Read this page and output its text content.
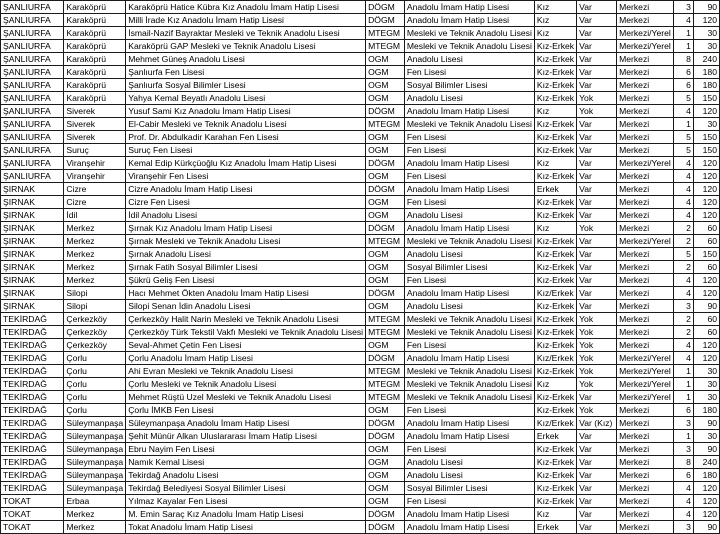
ŞANLIURFA	Karaköprü	Karaköprü Hatice Kübra Kız Anadolu İmam Hatip Lisesi	DÖGM	Anadolu İmam Hatip Lisesi	Kız	Var	Merkezi	3	90
ŞANLIURFA	Karaköprü	Milli İrade Kız Anadolu İmam Hatip Lisesi	DÖGM	Anadolu İmam Hatip Lisesi	Kız	Var	Merkezi	4	120
ŞANLIURFA	Karaköprü	İsmail-Nazif Bayraktar Mesleki ve Teknik Anadolu Lisesi	MTEGM	Mesleki ve Teknik Anadolu Lisesi	Kız	Var	Merkezi/Yerel	1	30
ŞANLIURFA	Karaköprü	Karaköprü GAP Mesleki ve Teknik Anadolu Lisesi	MTEGM	Mesleki ve Teknik Anadolu Lisesi	Kız-Erkek	Var	Merkezi/Yerel	1	30
ŞANLIURFA	Karaköprü	Mehmet Güneş Anadolu Lisesi	OGM	Anadolu Lisesi	Kız-Erkek	Var	Merkezi	8	240
ŞANLIURFA	Karaköprü	Şanlıurfa Fen Lisesi	OGM	Fen Lisesi	Kız-Erkek	Var	Merkezi	6	180
ŞANLIURFA	Karaköprü	Şanlıurfa Sosyal Bilimler Lisesi	OGM	Sosyal Bilimler Lisesi	Kız-Erkek	Var	Merkezi	6	180
ŞANLIURFA	Karaköprü	Yahya Kemal Beyatlı Anadolu Lisesi	OGM	Anadolu Lisesi	Kız-Erkek	Yok	Merkezi	5	150
ŞANLIURFA	Siverek	Yusuf Sami Kız Anadolu İmam Hatip Lisesi	DÖGM	Anadolu İmam Hatip Lisesi	Kız	Yok	Merkezi	4	120
ŞANLIURFA	Siverek	El-Cabir Mesleki ve Teknik Anadolu Lisesi	MTEGM	Mesleki ve Teknik Anadolu Lisesi	Kız-Erkek	Var	Merkezi	1	30
ŞANLIURFA	Siverek	Prof. Dr. Abdulkadir Karahan Fen Lisesi	OGM	Fen Lisesi	Kız-Erkek	Var	Merkezi	5	150
ŞANLIURFA	Suruç	Suruç Fen Lisesi	OGM	Fen Lisesi	Kız-Erkek	Var	Merkezi	5	150
ŞANLIURFA	Viranşehir	Kemal Edip Kürkçüoğlu Kız Anadolu İmam Hatip Lisesi	DÖGM	Anadolu İmam Hatip Lisesi	Kız	Var	Merkezi/Yerel	4	120
ŞANLIURFA	Viranşehir	Viranşehir Fen Lisesi	OGM	Fen Lisesi	Kız-Erkek	Var	Merkezi	4	120
ŞIRNAK	Cizre	Cizre Anadolu İmam Hatip Lisesi	DÖGM	Anadolu İmam Hatip Lisesi	Erkek	Var	Merkezi	4	120
ŞIRNAK	Cizre	Cizre Fen Lisesi	OGM	Fen Lisesi	Kız-Erkek	Var	Merkezi	4	120
ŞIRNAK	İdil	İdil Anadolu Lisesi	OGM	Anadolu Lisesi	Kız-Erkek	Var	Merkezi	4	120
ŞIRNAK	Merkez	Şırnak Kız Anadolu İmam Hatip Lisesi	DÖGM	Anadolu İmam Hatip Lisesi	Kız	Yok	Merkezi	2	60
ŞIRNAK	Merkez	Şırnak Mesleki ve Teknik Anadolu Lisesi	MTEGM	Mesleki ve Teknik Anadolu Lisesi	Kız-Erkek	Var	Merkezi/Yerel	2	60
ŞIRNAK	Merkez	Şırnak Anadolu Lisesi	OGM	Anadolu Lisesi	Kız-Erkek	Var	Merkezi	5	150
ŞIRNAK	Merkez	Şırnak Fatih Sosyal Bilimler Lisesi	OGM	Sosyal Bilimler Lisesi	Kız-Erkek	Var	Merkezi	2	60
ŞIRNAK	Merkez	Şükrü Geliş Fen Lisesi	OGM	Fen Lisesi	Kız-Erkek	Var	Merkezi	4	120
ŞIRNAK	Silopi	Hacı Mehmet Ökten Anadolu İmam Hatip Lisesi	DÖGM	Anadolu İmam Hatip Lisesi	Kız/Erkek	Var	Merkezi	4	120
ŞIRNAK	Silopi	Silopi Senan İdin Anadolu Lisesi	OGM	Anadolu Lisesi	Kız-Erkek	Var	Merkezi	3	90
TEKİRDAĞ	Çerkezköy	Çerkezköy Halit Narin Mesleki ve Teknik Anadolu Lisesi	MTEGM	Mesleki ve Teknik Anadolu Lisesi	Kız-Erkek	Yok	Merkezi	2	60
TEKİRDAĞ	Çerkezköy	Çerkezköy Türk Tekstil Vakfı Mesleki ve Teknik Anadolu Lisesi	MTEGM	Mesleki ve Teknik Anadolu Lisesi	Kız-Erkek	Yok	Merkezi	2	60
TEKİRDAĞ	Çerkezköy	Seval-Ahmet Çetin Fen Lisesi	OGM	Fen Lisesi	Kız-Erkek	Yok	Merkezi	4	120
TEKİRDAĞ	Çorlu	Çorlu Anadolu İmam Hatip Lisesi	DÖGM	Anadolu İmam Hatip Lisesi	Kız/Erkek	Yok	Merkezi/Yerel	4	120
TEKİRDAĞ	Çorlu	Ahi Evran Mesleki ve Teknik Anadolu Lisesi	MTEGM	Mesleki ve Teknik Anadolu Lisesi	Kız-Erkek	Yok	Merkezi/Yerel	1	30
TEKİRDAĞ	Çorlu	Çorlu Mesleki ve Teknik Anadolu Lisesi	MTEGM	Mesleki ve Teknik Anadolu Lisesi	Kız	Yok	Merkezi/Yerel	1	30
TEKİRDAĞ	Çorlu	Mehmet Rüştü Uzel Mesleki ve Teknik Anadolu Lisesi	MTEGM	Mesleki ve Teknik Anadolu Lisesi	Kız-Erkek	Var	Merkezi/Yerel	1	30
TEKİRDAĞ	Çorlu	Çorlu İMKB Fen Lisesi	OGM	Fen Lisesi	Kız-Erkek	Yok	Merkezi	6	180
TEKİRDAĞ	Süleymanpaşa	Süleymanpaşa Anadolu İmam Hatip Lisesi	DÖGM	Anadolu İmam Hatip Lisesi	Kız/Erkek	Var (Kız)	Merkezi	3	90
TEKİRDAĞ	Süleymanpaşa	Şehit Münür Alkan Uluslararası İmam Hatip Lisesi	DÖGM	Anadolu İmam Hatip Lisesi	Erkek	Var	Merkezi	1	30
TEKİRDAĞ	Süleymanpaşa	Ebru Nayim Fen Lisesi	OGM	Fen Lisesi	Kız-Erkek	Var	Merkezi	3	90
TEKİRDAĞ	Süleymanpaşa	Namık Kemal Lisesi	OGM	Anadolu Lisesi	Kız-Erkek	Var	Merkezi	8	240
TEKİRDAĞ	Süleymanpaşa	Tekirdağ Anadolu Lisesi	OGM	Anadolu Lisesi	Kız-Erkek	Var	Merkezi	6	180
TEKİRDAĞ	Süleymanpaşa	Tekirdağ Belediyesi Sosyal Bilimler Lisesi	OGM	Sosyal Bilimler Lisesi	Kız-Erkek	Var	Merkezi	4	120
TOKAT	Erbaa	Yılmaz Kayalar Fen Lisesi	OGM	Fen Lisesi	Kız-Erkek	Var	Merkezi	4	120
TOKAT	Merkez	M. Emin Saraç Kız Anadolu İmam Hatip Lisesi	DÖGM	Anadolu İmam Hatip Lisesi	Kız	Var	Merkezi	4	120
TOKAT	Merkez	Tokat Anadolu İmam Hatip Lisesi	DÖGM	Anadolu İmam Hatip Lisesi	Erkek	Var	Merkezi	3	90
